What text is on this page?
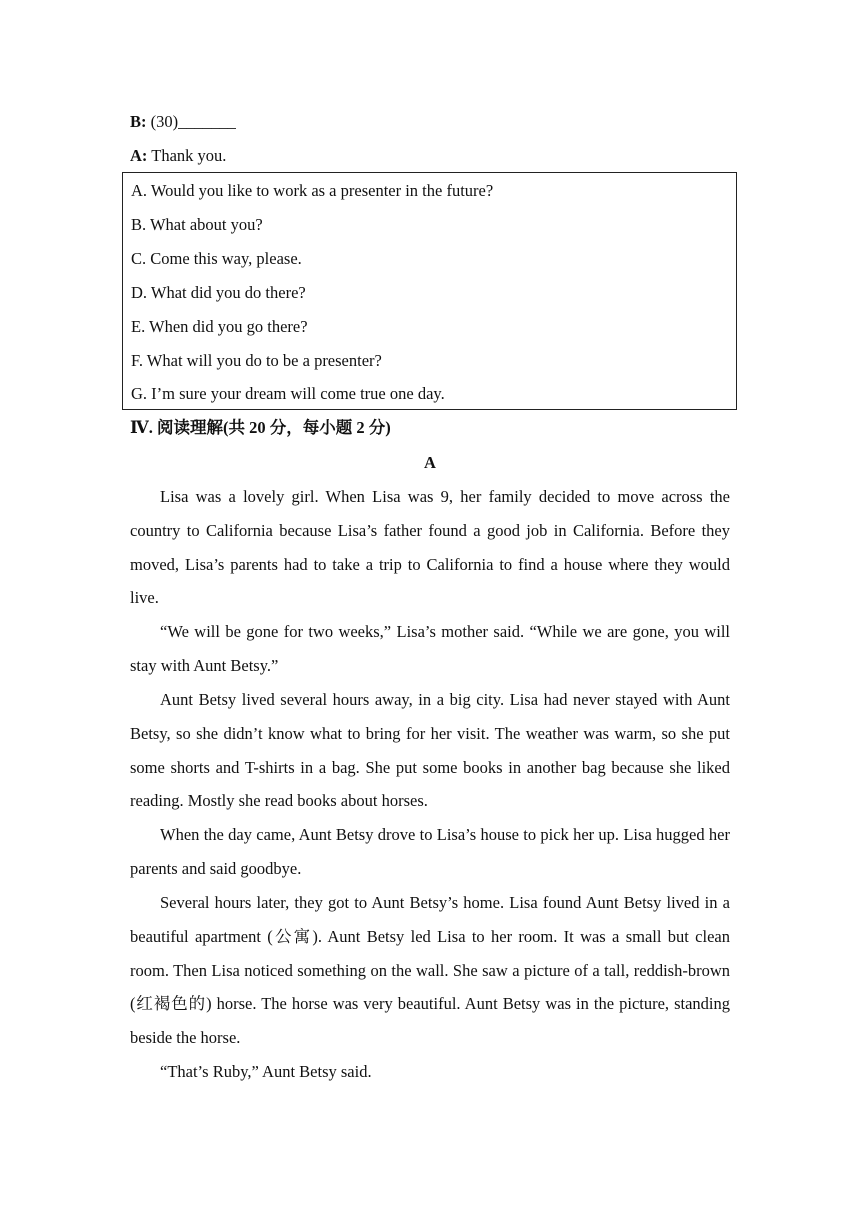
B: (30)_______
A: Thank you.
A. Would you like to work as a presenter in the future?
B. What about you?
C. Come this way, please.
D. What did you do there?
E. When did you go there?
F. What will you do to be a presenter?
G. I’m sure your dream will come true one day.
Ⅳ. 阅读理解(共 20 分，每小题 2 分)
A

Lisa was a lovely girl. When Lisa was 9, her family decided to move across the country to California because Lisa’s father found a good job in California. Before they moved, Lisa’s parents had to take a trip to California to find a house where they would live.

“We will be gone for two weeks,” Lisa’s mother said. “While we are gone, you will stay with Aunt Betsy.”

Aunt Betsy lived several hours away, in a big city. Lisa had never stayed with Aunt Betsy, so she didn’t know what to bring for her visit. The weather was warm, so she put some shorts and T-shirts in a bag. She put some books in another bag because she liked reading. Mostly she read books about horses.

When the day came, Aunt Betsy drove to Lisa’s house to pick her up. Lisa hugged her parents and said goodbye.

Several hours later, they got to Aunt Betsy’s home. Lisa found Aunt Betsy lived in a beautiful apartment (公寓). Aunt Betsy led Lisa to her room. It was a small but clean room. Then Lisa noticed something on the wall. She saw a picture of a tall, reddish-brown (红褐色的) horse. The horse was very beautiful. Aunt Betsy was in the picture, standing beside the horse.

“That’s Ruby,” Aunt Betsy said.
